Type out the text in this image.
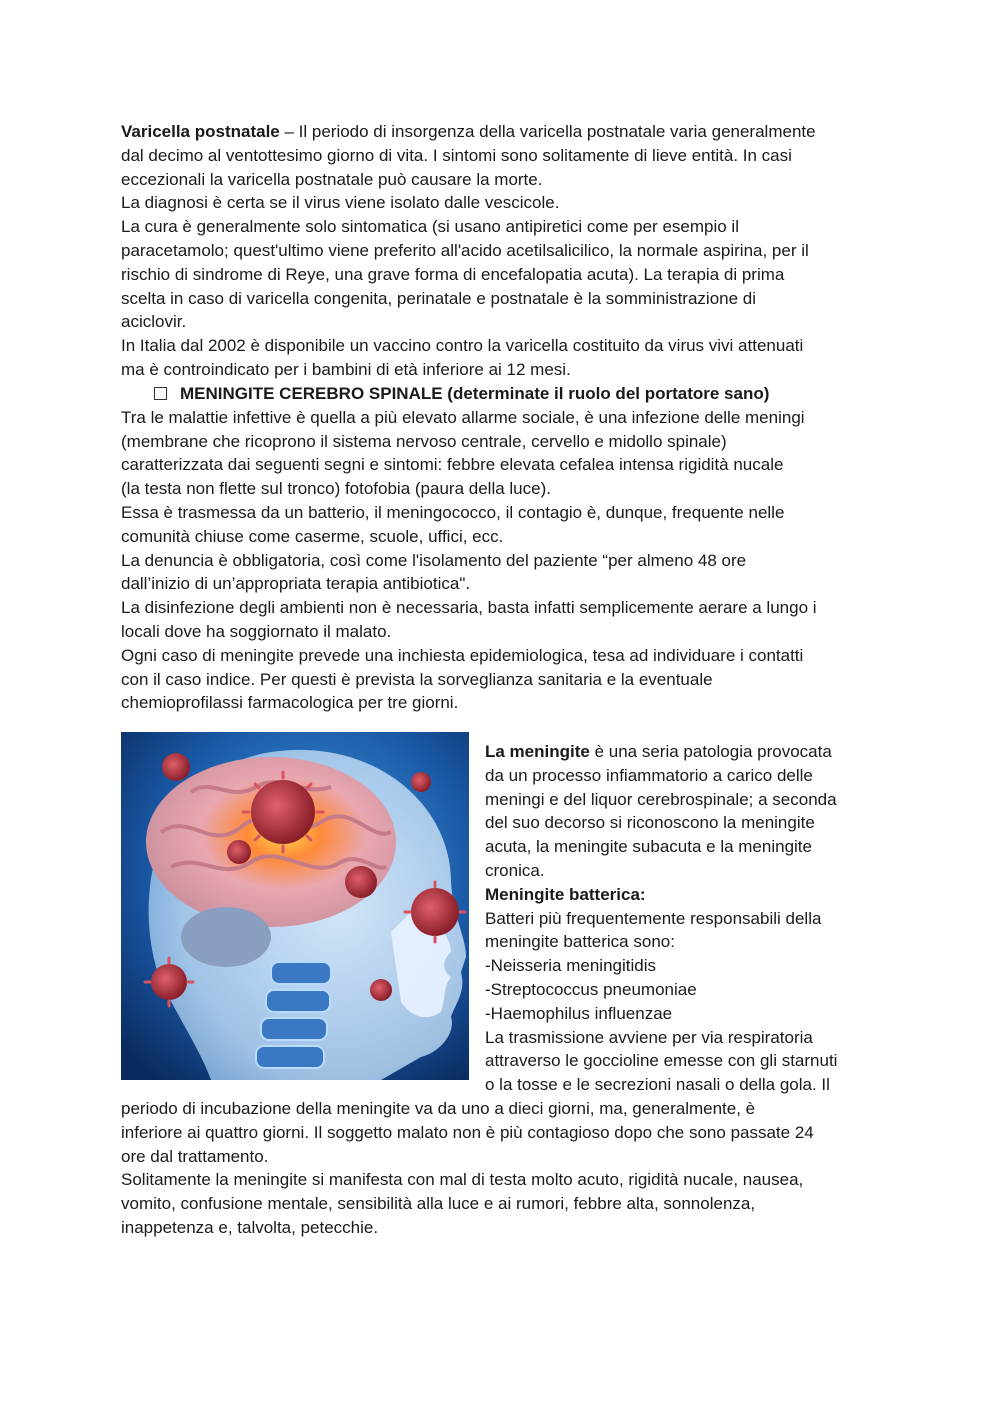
Varicella postnatale – Il periodo di insorgenza della varicella postnatale varia generalmente
dal decimo al ventottesimo giorno di vita. I sintomi sono solitamente di lieve entità. In casi
eccezionali la varicella postnatale può causare la morte.
La diagnosi è certa se il virus viene isolato dalle vescicole.
La cura è generalmente solo sintomatica (si usano antipiretici come per esempio il
paracetamolo; quest'ultimo viene preferito all'acido acetilsalicilico, la normale aspirina, per il
rischio di sindrome di Reye, una grave forma di encefalopatia acuta). La terapia di prima
scelta in caso di varicella congenita, perinatale e postnatale è la somministrazione di
aciclovir.
In Italia dal 2002 è disponibile un vaccino contro la varicella costituito da virus vivi attenuati
ma è controindicato per i bambini di età inferiore ai 12 mesi.
MENINGITE CEREBRO SPINALE (determinate il ruolo del portatore sano)
Tra le malattie infettive è quella a più elevato allarme sociale, è una infezione delle meningi
(membrane che ricoprono il sistema nervoso centrale, cervello e midollo spinale)
caratterizzata dai seguenti segni e sintomi: febbre elevata cefalea intensa rigidità nucale
(la testa non flette sul tronco) fotofobia (paura della luce).
Essa è trasmessa da un batterio, il meningococco, il contagio è, dunque, frequente nelle
comunità chiuse come caserme, scuole, uffici, ecc.
La denuncia è obbligatoria, così come l'isolamento del paziente “per almeno 48 ore
dall’inizio di un’appropriata terapia antibiotica".
La disinfezione degli ambienti non è necessaria, basta infatti semplicemente aerare a lungo i
locali dove ha soggiornato il malato.
Ogni caso di meningite prevede una inchiesta epidemiologica, tesa ad individuare i contatti
con il caso indice. Per questi è prevista la sorveglianza sanitaria e la eventuale
chemioprofilassi farmacologica per tre giorni.
La meningite è una seria patologia provocata
da un processo infiammatorio a carico delle
meningi e del liquor cerebrospinale; a seconda
del suo decorso si riconoscono la meningite
acuta, la meningite subacuta e la meningite
cronica.
Meningite batterica:
Batteri più frequentemente responsabili della
meningite batterica sono:
-Neisseria meningitidis
-Streptococcus pneumoniae
-Haemophilus influenzae
La trasmissione avviene per via respiratoria
attraverso le goccioline emesse con gli starnuti
o la tosse e le secrezioni nasali o della gola. Il
periodo di incubazione della meningite va da uno a dieci giorni, ma, generalmente, è
inferiore ai quattro giorni. Il soggetto malato non è più contagioso dopo che sono passate 24
ore dal trattamento.
Solitamente la meningite si manifesta con mal di testa molto acuto, rigidità nucale, nausea,
vomito, confusione mentale, sensibilità alla luce e ai rumori, febbre alta, sonnolenza,
inappetenza e, talvolta, petecchie.
